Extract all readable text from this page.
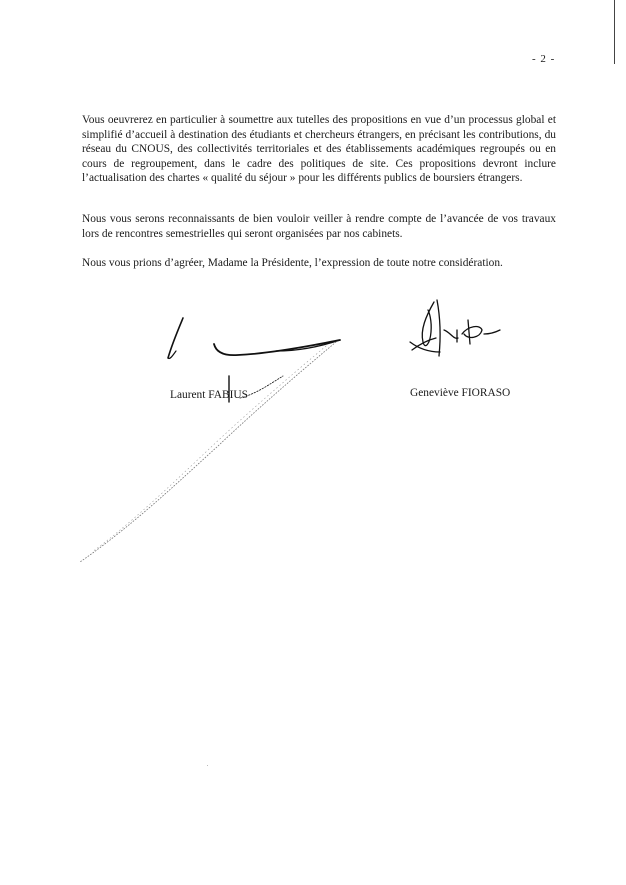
- 2 -

Vous oeuvrerez en particulier à soumettre aux tutelles des propositions en vue d’un processus global et simplifié d’accueil à destination des étudiants et chercheurs étrangers, en précisant les contributions, du réseau du CNOUS, des collectivités territoriales et des établissements académiques regroupés ou en cours de regroupement, dans le cadre des politiques de site. Ces propositions devront inclure l’actualisation des chartes « qualité du séjour » pour les différents publics de boursiers étrangers.

Nous vous serons reconnaissants de bien vouloir veiller à rendre compte de l’avancée de vos travaux lors de rencontres semestrielles qui seront organisées par nos cabinets.

Nous vous prions d’agréer, Madame la Présidente, l’expression de toute notre considération.

Laurent FABIUS	Geneviève FIORASO
